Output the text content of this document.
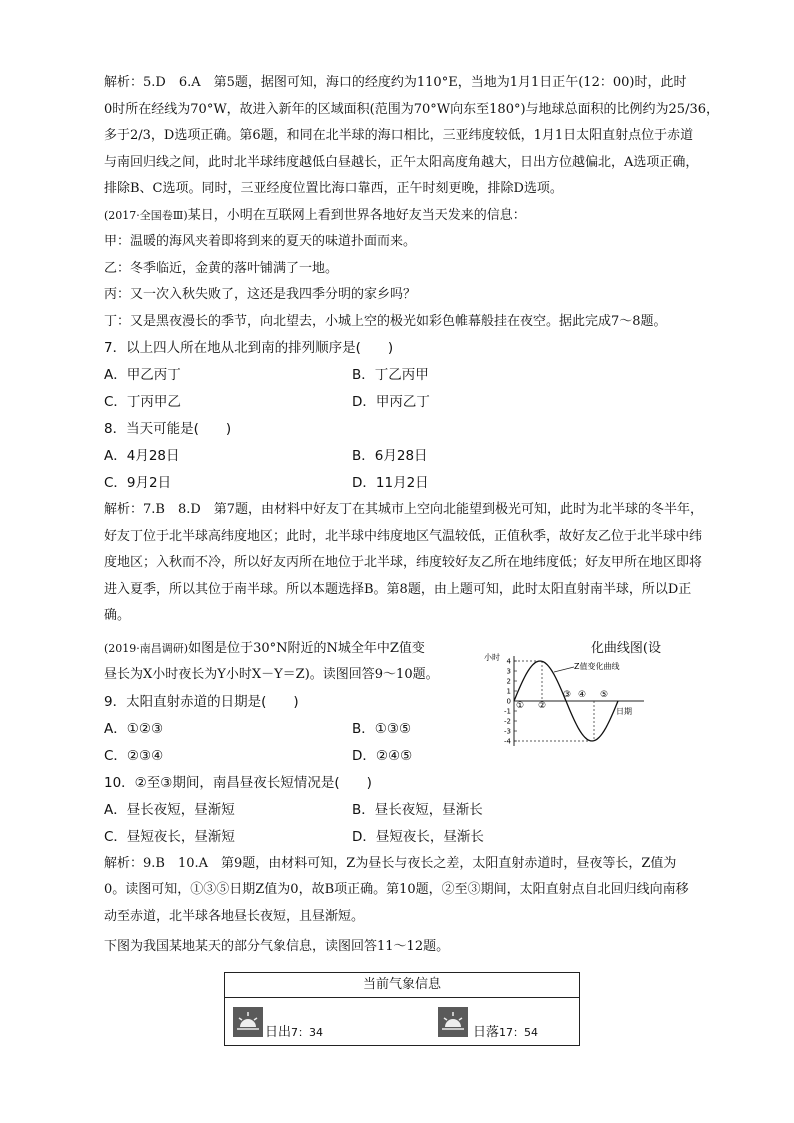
解析：5.D　6.A　第5题，据图可知，海口的经度约为110°E，当地为1月1日正午(12：00)时，此时

0时所在经线为70°W，故进入新年的区域面积(范围为70°W向东至180°)与地球总面积的比例约为25/36，

多于2/3，D选项正确。第6题，和同在北半球的海口相比，三亚纬度较低，1月1日太阳直射点位于赤道

与南回归线之间，此时北半球纬度越低白昼越长，正午太阳高度角越大，日出方位越偏北，A选项正确，

排除B、C选项。同时，三亚经度位置比海口靠西，正午时刻更晚，排除D选项。

(2017·全国卷Ⅲ)某日，小明在互联网上看到世界各地好友当天发来的信息：

甲：温暖的海风夹着即将到来的夏天的味道扑面而来。

乙：冬季临近，金黄的落叶铺满了一地。

丙：又一次入秋失败了，这还是我四季分明的家乡吗？

丁：又是黑夜漫长的季节，向北望去，小城上空的极光如彩色帷幕般挂在夜空。据此完成7～8题。

7．以上四人所在地从北到南的排列顺序是(　　)

A．甲乙丙丁	B．丁乙丙甲
C．丁丙甲乙	D．甲丙乙丁

8．当天可能是(　　)

A．4月28日	B．6月28日
C．9月2日	D．11月2日

解析：7.B　8.D　第7题，由材料中好友丁在其城市上空向北能望到极光可知，此时为北半球的冬半年，

好友丁位于北半球高纬度地区；此时，北半球中纬度地区气温较低，正值秋季，故好友乙位于北半球中纬

度地区；入秋而不冷，所以好友丙所在地位于北半球，纬度较好友乙所在地纬度低；好友甲所在地区即将

进入夏季，所以其位于南半球。所以本题选择B。第8题，由上题可知，此时太阳直射南半球，所以D正

确。

(2019·南昌调研)如图是位于30°N附近的N城全年中Z值变	化曲线图(设

昼长为X小时夜长为Y小时X－Y＝Z)。读图回答9～10题。

9．太阳直射赤道的日期是(　　)

A．①②③	B．①③⑤
C．②③④	D．②④⑤

10．②至③期间，南昌昼夜长短情况是(　　)

A．昼长夜短，昼渐短	B．昼长夜短，昼渐长
C．昼短夜长，昼渐短	D．昼短夜长，昼渐长

解析：9.B　10.A　第9题，由材料可知，Z为昼长与夜长之差，太阳直射赤道时，昼夜等长，Z值为

0。读图可知，①③⑤日期Z值为0，故B项正确。第10题，②至③期间，太阳直射点自北回归线向南移

动至赤道，北半球各地昼长夜短，且昼渐短。

下图为我国某地某天的部分气象信息，读图回答11～12题。

小时 4
3
2
1
0
-1
-2
-3
-4
Z值变化曲线
日期
① ②
③ ④ ⑤
当前气象信息
日出7：34	日落17：54
